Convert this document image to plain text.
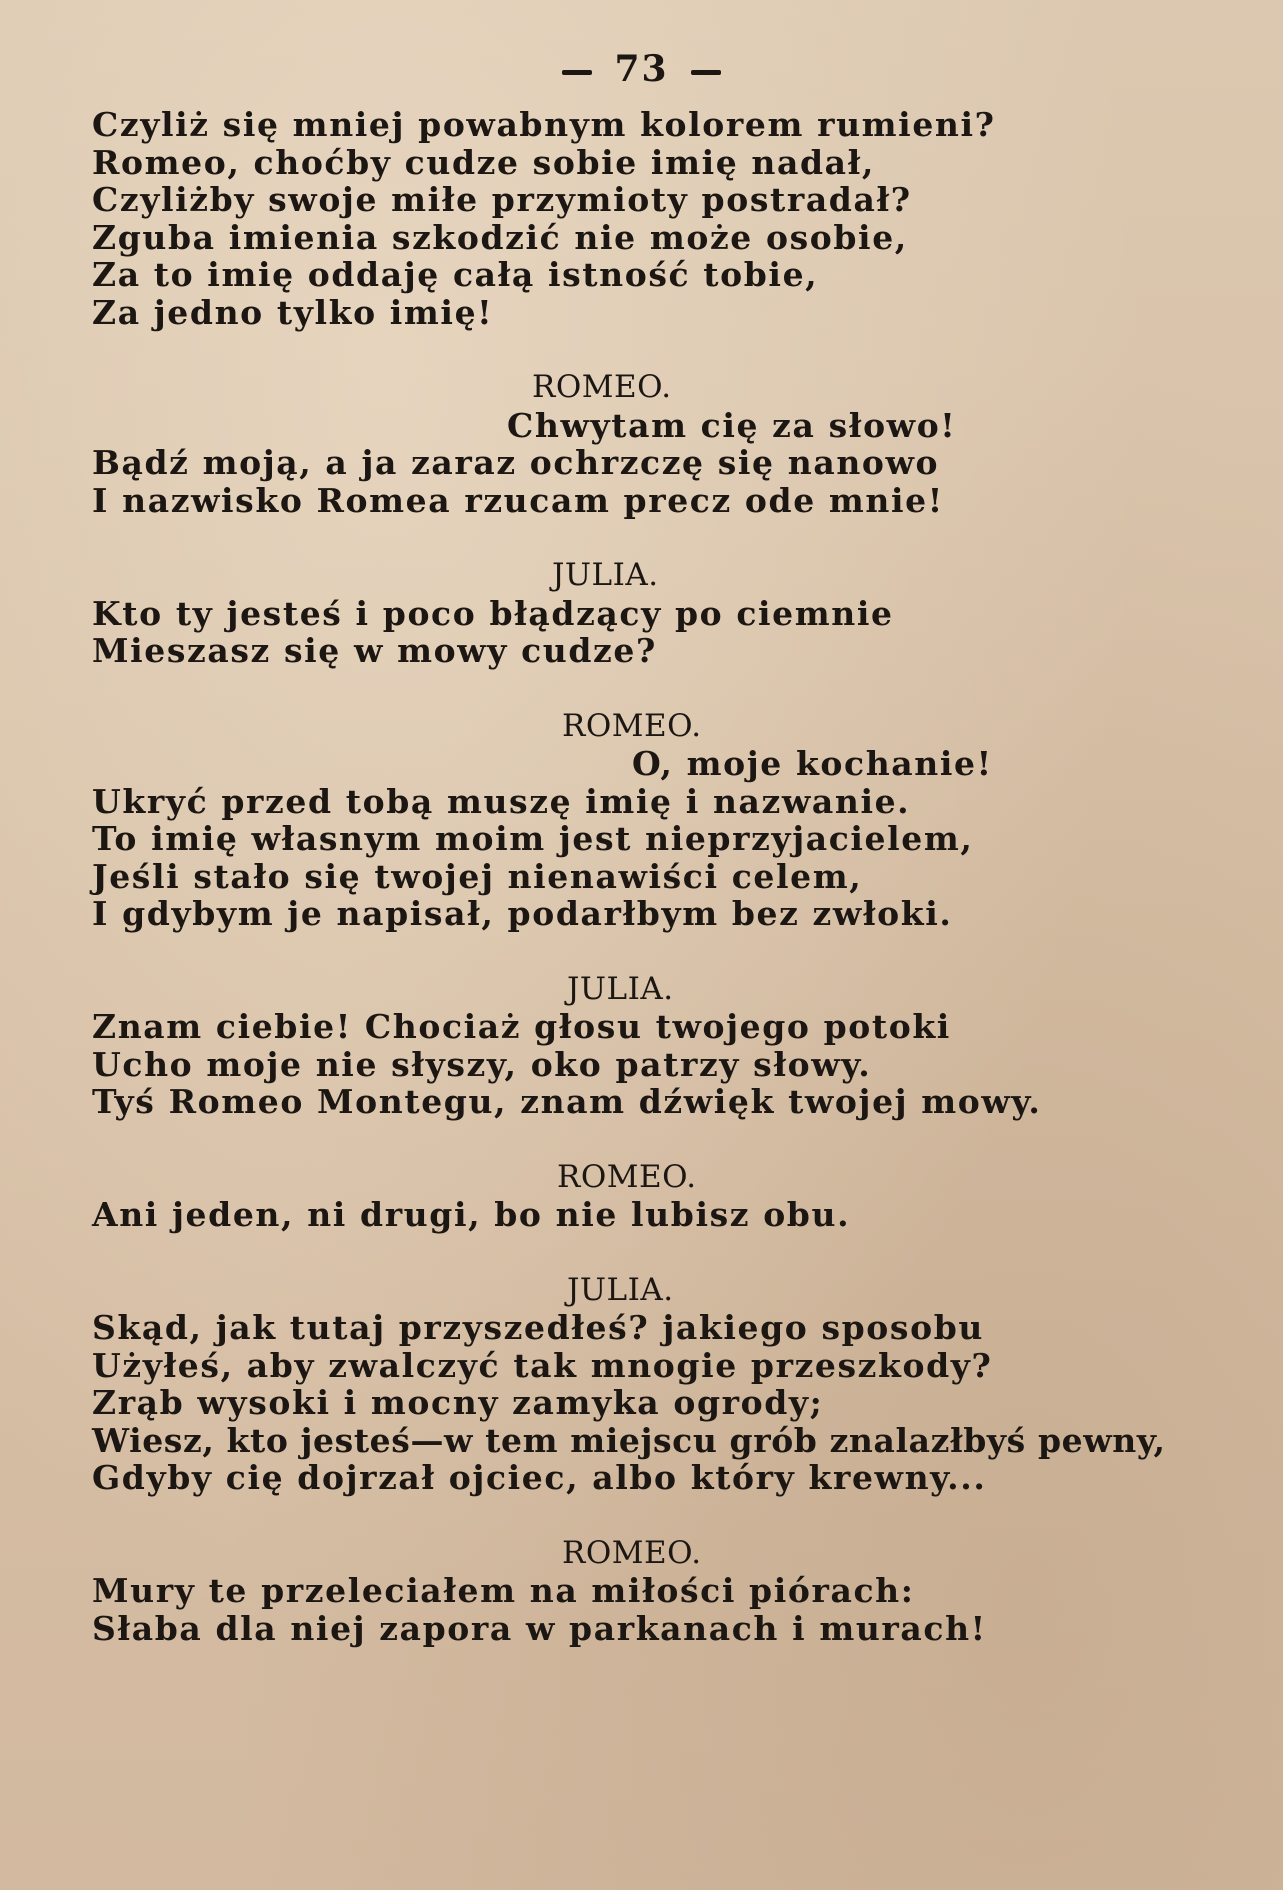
73
Czyliż się mniej powabnym kolorem rumieni?
Romeo, choćby cudze sobie imię nadał,
Czyliżby swoje miłe przymioty postradał?
Zguba imienia szkodzić nie może osobie,
Za to imię oddaję całą istność tobie,
Za jedno tylko imię!
ROMEO.
Chwytam cię za słowo!
Bądź moją, a ja zaraz ochrzczę się nanowo
I nazwisko Romea rzucam precz ode mnie!
JULIA.
Kto ty jesteś i poco błądzący po ciemnie
Mieszasz się w mowy cudze?
ROMEO.
O, moje kochanie!
Ukryć przed tobą muszę imię i nazwanie.
To imię własnym moim jest nieprzyjacielem,
Jeśli stało się twojej nienawiści celem,
I gdybym je napisał, podarłbym bez zwłoki.
JULIA.
Znam ciebie! Chociaż głosu twojego potoki
Ucho moje nie słyszy, oko patrzy słowy.
Tyś Romeo Montegu, znam dźwięk twojej mowy.
ROMEO.
Ani jeden, ni drugi, bo nie lubisz obu.
JULIA.
Skąd, jak tutaj przyszedłeś? jakiego sposobu
Użyłeś, aby zwalczyć tak mnogie przeszkody?
Zrąb wysoki i mocny zamyka ogrody;
Wiesz, kto jesteś—w tem miejscu grób znalazłbyś pewny,
Gdyby cię dojrzał ojciec, albo który krewny...
ROMEO.
Mury te przeleciałem na miłości piórach:
Słaba dla niej zapora w parkanach i murach!
